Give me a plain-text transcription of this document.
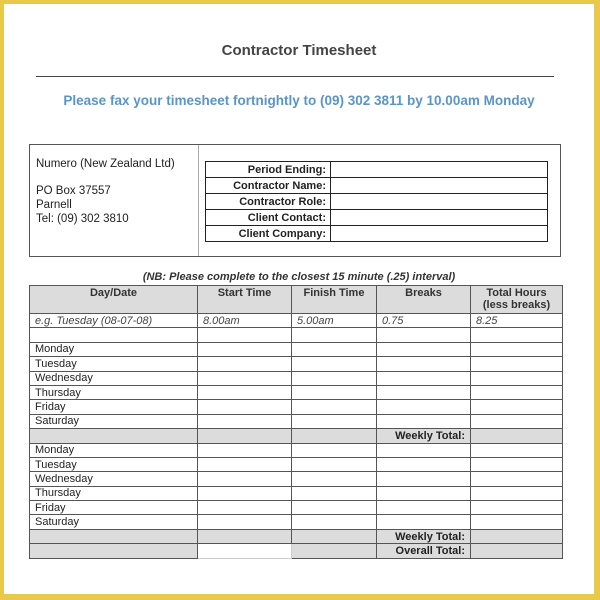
Contractor Timesheet
Please fax your timesheet fortnightly to (09) 302 3811 by 10.00am Monday
Numero (New Zealand Ltd)
PO Box 37557
Parnell
Tel: (09) 302 3810
Period Ending:	
Contractor Name:	
Contractor Role:	
Client Contact:	
Client Company:	
(NB: Please complete to the closest 15 minute (.25) interval)
Day/Date	Start Time	Finish Time	Breaks	Total Hours
(less breaks)

e.g. Tuesday (08-07-08)	8.00am	5.00am	0.75	8.25

Monday				
Tuesday				
Wednesday				
Thursday				
Friday				
Saturday				
			Weekly Total:	
Monday				
Tuesday				
Wednesday				
Thursday				
Friday				
Saturday				
			Weekly Total:	
			Overall Total:	
